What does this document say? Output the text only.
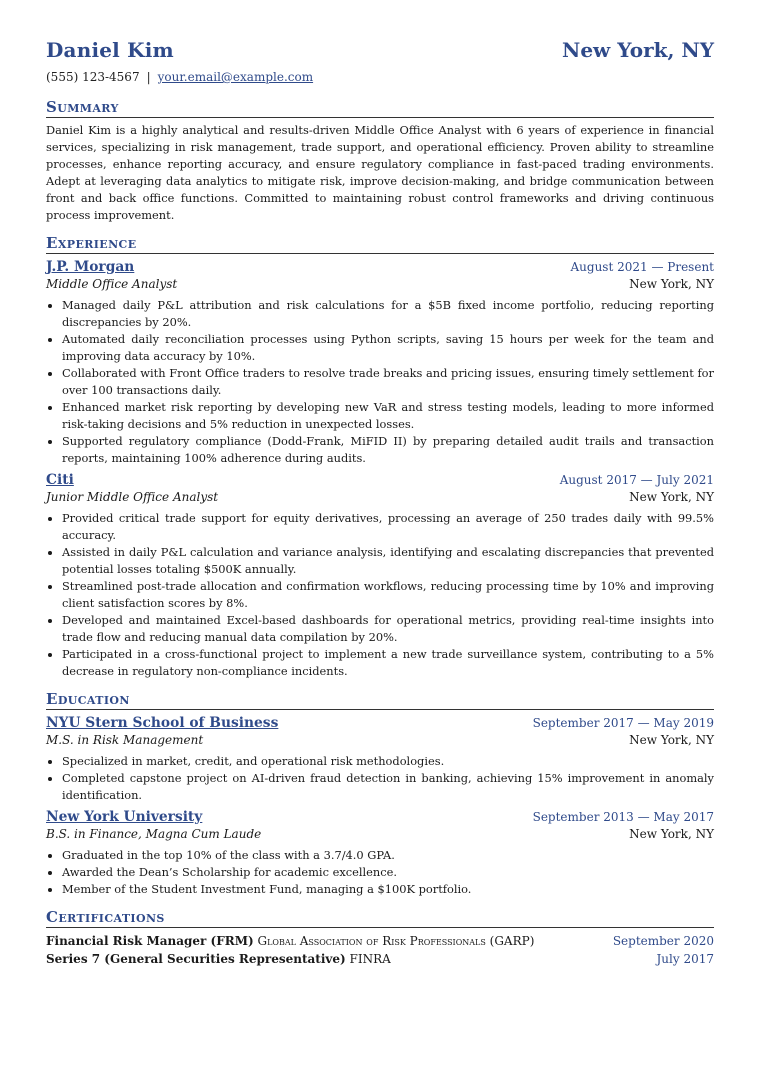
Daniel Kim	New York, NY
(555) 123-4567 | your.email@example.com
Summary
Daniel Kim is a highly analytical and results-driven Middle Office Analyst with 6 years of experience in financial services, specializing in risk management, trade support, and operational efficiency. Proven ability to streamline processes, enhance reporting accuracy, and ensure regulatory compliance in fast-paced trading environments. Adept at leveraging data analytics to mitigate risk, improve decision-making, and bridge communication between front and back office functions. Committed to maintaining robust control frameworks and driving continuous process improvement.
Experience
J.P. Morgan	August 2021 — Present
Middle Office Analyst	New York, NY
• Managed daily P&L attribution and risk calculations for a $5B fixed income portfolio, reducing reporting discrepancies by 20%.
• Automated daily reconciliation processes using Python scripts, saving 15 hours per week for the team and improving data accuracy by 10%.
• Collaborated with Front Office traders to resolve trade breaks and pricing issues, ensuring timely settlement for over 100 transactions daily.
• Enhanced market risk reporting by developing new VaR and stress testing models, leading to more informed risk-taking decisions and 5% reduction in unexpected losses.
• Supported regulatory compliance (Dodd-Frank, MiFID II) by preparing detailed audit trails and transaction reports, maintaining 100% adherence during audits.
Citi	August 2017 — July 2021
Junior Middle Office Analyst	New York, NY
• Provided critical trade support for equity derivatives, processing an average of 250 trades daily with 99.5% accuracy.
• Assisted in daily P&L calculation and variance analysis, identifying and escalating discrepancies that prevented potential losses totaling $500K annually.
• Streamlined post-trade allocation and confirmation workflows, reducing processing time by 10% and improving client satisfaction scores by 8%.
• Developed and maintained Excel-based dashboards for operational metrics, providing real-time insights into trade flow and reducing manual data compilation by 20%.
• Participated in a cross-functional project to implement a new trade surveillance system, contributing to a 5% decrease in regulatory non-compliance incidents.
Education
NYU Stern School of Business	September 2017 — May 2019
M.S. in Risk Management	New York, NY
• Specialized in market, credit, and operational risk methodologies.
• Completed capstone project on AI-driven fraud detection in banking, achieving 15% improvement in anomaly identification.
New York University	September 2013 — May 2017
B.S. in Finance, Magna Cum Laude	New York, NY
• Graduated in the top 10% of the class with a 3.7/4.0 GPA.
• Awarded the Dean’s Scholarship for academic excellence.
• Member of the Student Investment Fund, managing a $100K portfolio.
Certifications
Financial Risk Manager (FRM) Global Association of Risk Professionals (GARP)	September 2020
Series 7 (General Securities Representative) FINRA	July 2017
